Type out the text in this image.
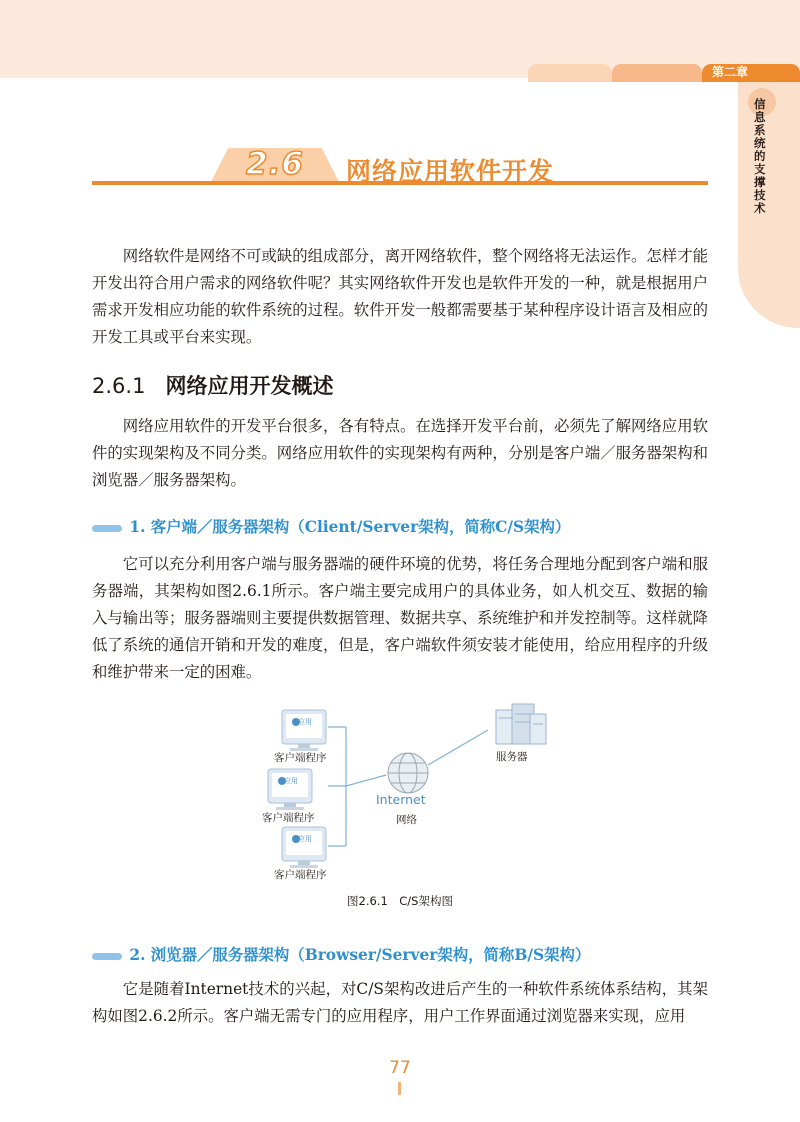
第二章
信息系统的支撑技术
2.6	网络应用软件开发
网络软件是网络不可或缺的组成部分，离开网络软件，整个网络将无法运作。怎样才能开发出符合用户需求的网络软件呢？其实网络软件开发也是软件开发的一种，就是根据用户需求开发相应功能的软件系统的过程。软件开发一般都需要基于某种程序设计语言及相应的开发工具或平台来实现。
2.6.1 网络应用开发概述
网络应用软件的开发平台很多，各有特点。在选择开发平台前，必须先了解网络应用软件的实现架构及不同分类。网络应用软件的实现架构有两种，分别是客户端／服务器架构和浏览器／服务器架构。
1. 客户端／服务器架构（Client/Server架构，简称C/S架构）
它可以充分利用客户端与服务器端的硬件环境的优势，将任务合理地分配到客户端和服务器端，其架构如图2.6.1所示。客户端主要完成用户的具体业务，如人机交互、数据的输入与输出等；服务器端则主要提供数据管理、数据共享、系统维护和并发控制等。这样就降低了系统的通信开销和开发的难度，但是，客户端软件须安装才能使用，给应用程序的升级和维护带来一定的困难。
应用
应用
应用
客户端程序
客户端程序
客户端程序
Internet
网络
服务器
图2.6.1　C/S架构图
2. 浏览器／服务器架构（Browser/Server架构，简称B/S架构）
它是随着Internet技术的兴起，对C/S架构改进后产生的一种软件系统体系结构，其架构如图2.6.2所示。客户端无需专门的应用程序，用户工作界面通过浏览器来实现，应用
77
